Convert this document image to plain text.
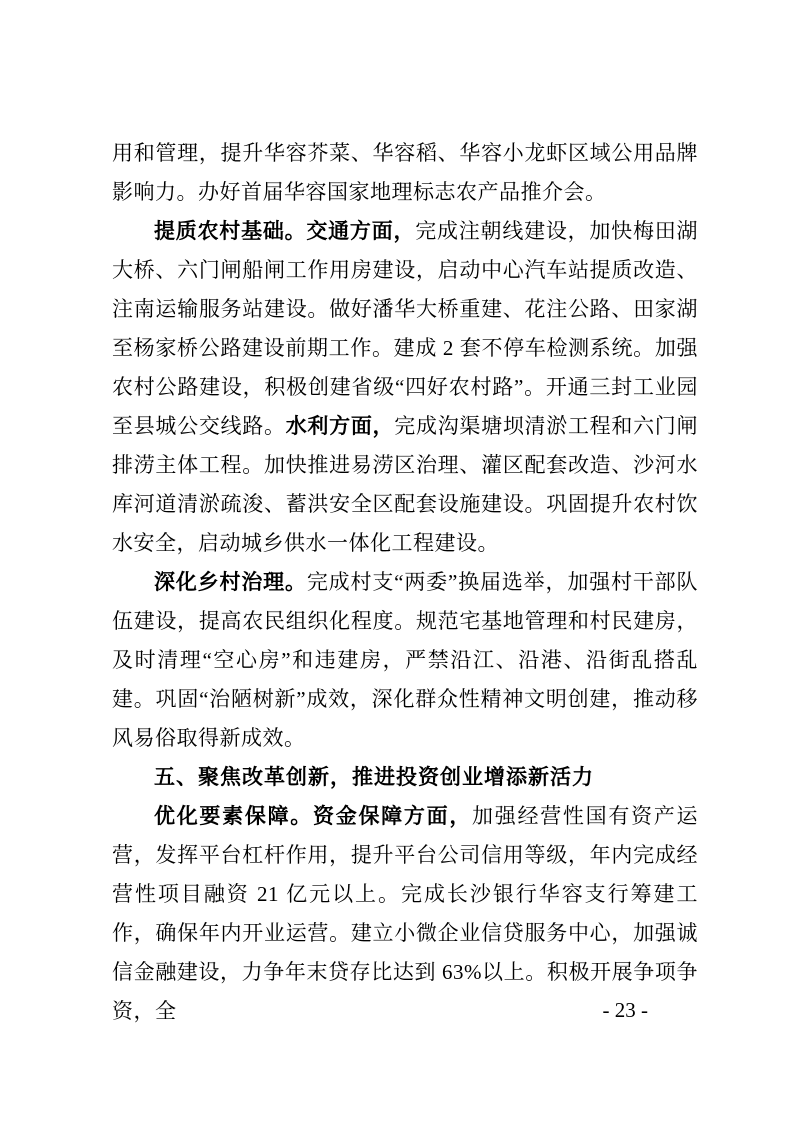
用和管理，提升华容芥菜、华容稻、华容小龙虾区域公用品牌影响力。办好首届华容国家地理标志农产品推介会。

提质农村基础。交通方面，完成注朝线建设，加快梅田湖大桥、六门闸船闸工作用房建设，启动中心汽车站提质改造、注南运输服务站建设。做好潘华大桥重建、花注公路、田家湖至杨家桥公路建设前期工作。建成 2 套不停车检测系统。加强农村公路建设，积极创建省级“四好农村路”。开通三封工业园至县城公交线路。水利方面，完成沟渠塘坝清淤工程和六门闸排涝主体工程。加快推进易涝区治理、灌区配套改造、沙河水库河道清淤疏浚、蓄洪安全区配套设施建设。巩固提升农村饮水安全，启动城乡供水一体化工程建设。

深化乡村治理。完成村支“两委”换届选举，加强村干部队伍建设，提高农民组织化程度。规范宅基地管理和村民建房，及时清理“空心房”和违建房，严禁沿江、沿港、沿街乱搭乱建。巩固“治陋树新”成效，深化群众性精神文明创建，推动移风易俗取得新成效。

五、聚焦改革创新，推进投资创业增添新活力

优化要素保障。资金保障方面，加强经营性国有资产运营，发挥平台杠杆作用，提升平台公司信用等级，年内完成经营性项目融资 21 亿元以上。完成长沙银行华容支行筹建工作，确保年内开业运营。建立小微企业信贷服务中心，加强诚信金融建设，力争年末贷存比达到 63%以上。积极开展争项争资，全	- 23 -
